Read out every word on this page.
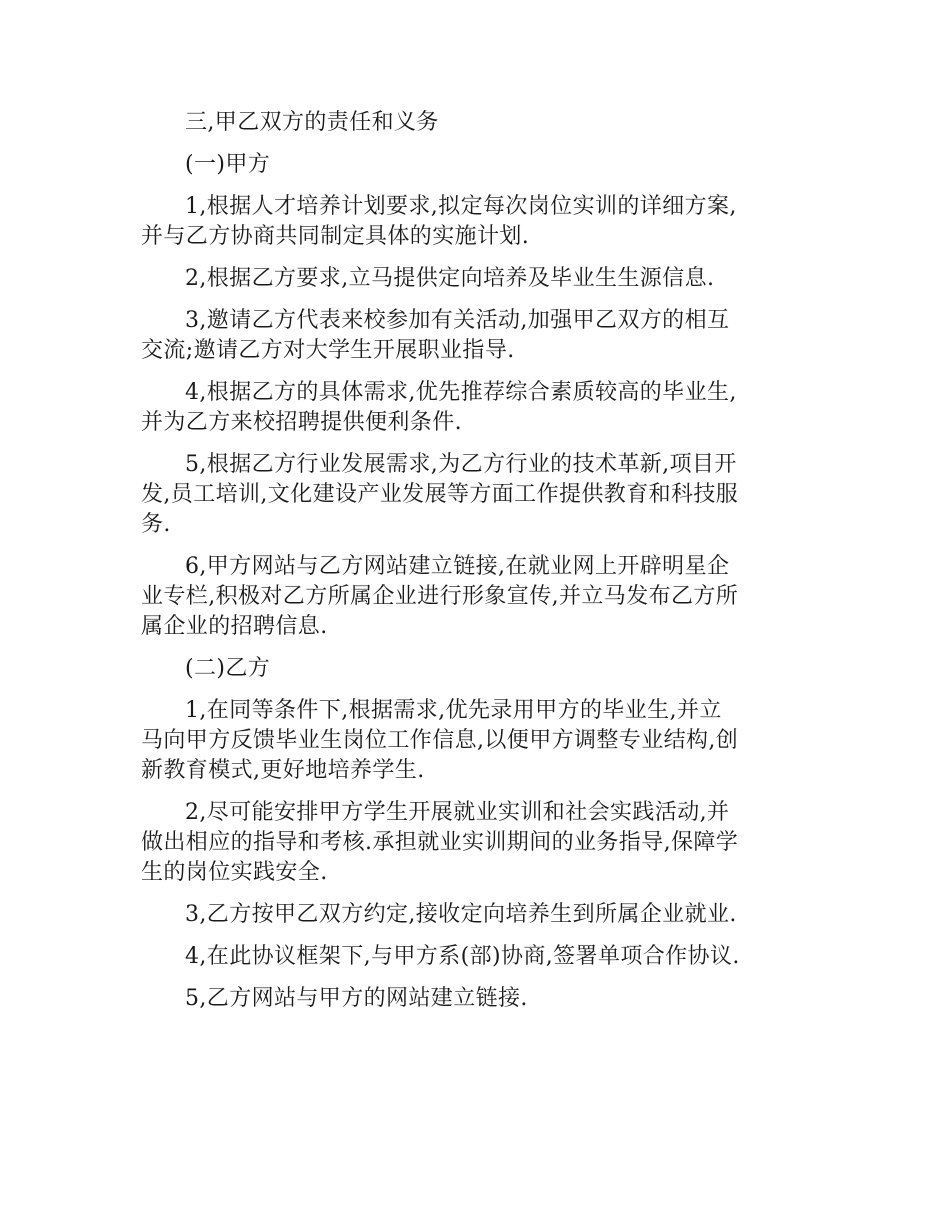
三,甲乙双方的责任和义务

(一)甲方

1,根据人才培养计划要求,拟定每次岗位实训的详细方案,
并与乙方协商共同制定具体的实施计划.

2,根据乙方要求,立马提供定向培养及毕业生生源信息.

3,邀请乙方代表来校参加有关活动,加强甲乙双方的相互
交流;邀请乙方对大学生开展职业指导.

4,根据乙方的具体需求,优先推荐综合素质较高的毕业生,
并为乙方来校招聘提供便利条件.

5,根据乙方行业发展需求,为乙方行业的技术革新,项目开
发,员工培训,文化建设产业发展等方面工作提供教育和科技服
务.

6,甲方网站与乙方网站建立链接,在就业网上开辟明星企
业专栏,积极对乙方所属企业进行形象宣传,并立马发布乙方所
属企业的招聘信息.

(二)乙方

1,在同等条件下,根据需求,优先录用甲方的毕业生,并立
马向甲方反馈毕业生岗位工作信息,以便甲方调整专业结构,创
新教育模式,更好地培养学生.

2,尽可能安排甲方学生开展就业实训和社会实践活动,并
做出相应的指导和考核.承担就业实训期间的业务指导,保障学
生的岗位实践安全.

3,乙方按甲乙双方约定,接收定向培养生到所属企业就业.

4,在此协议框架下,与甲方系(部)协商,签署单项合作协议.

5,乙方网站与甲方的网站建立链接.
